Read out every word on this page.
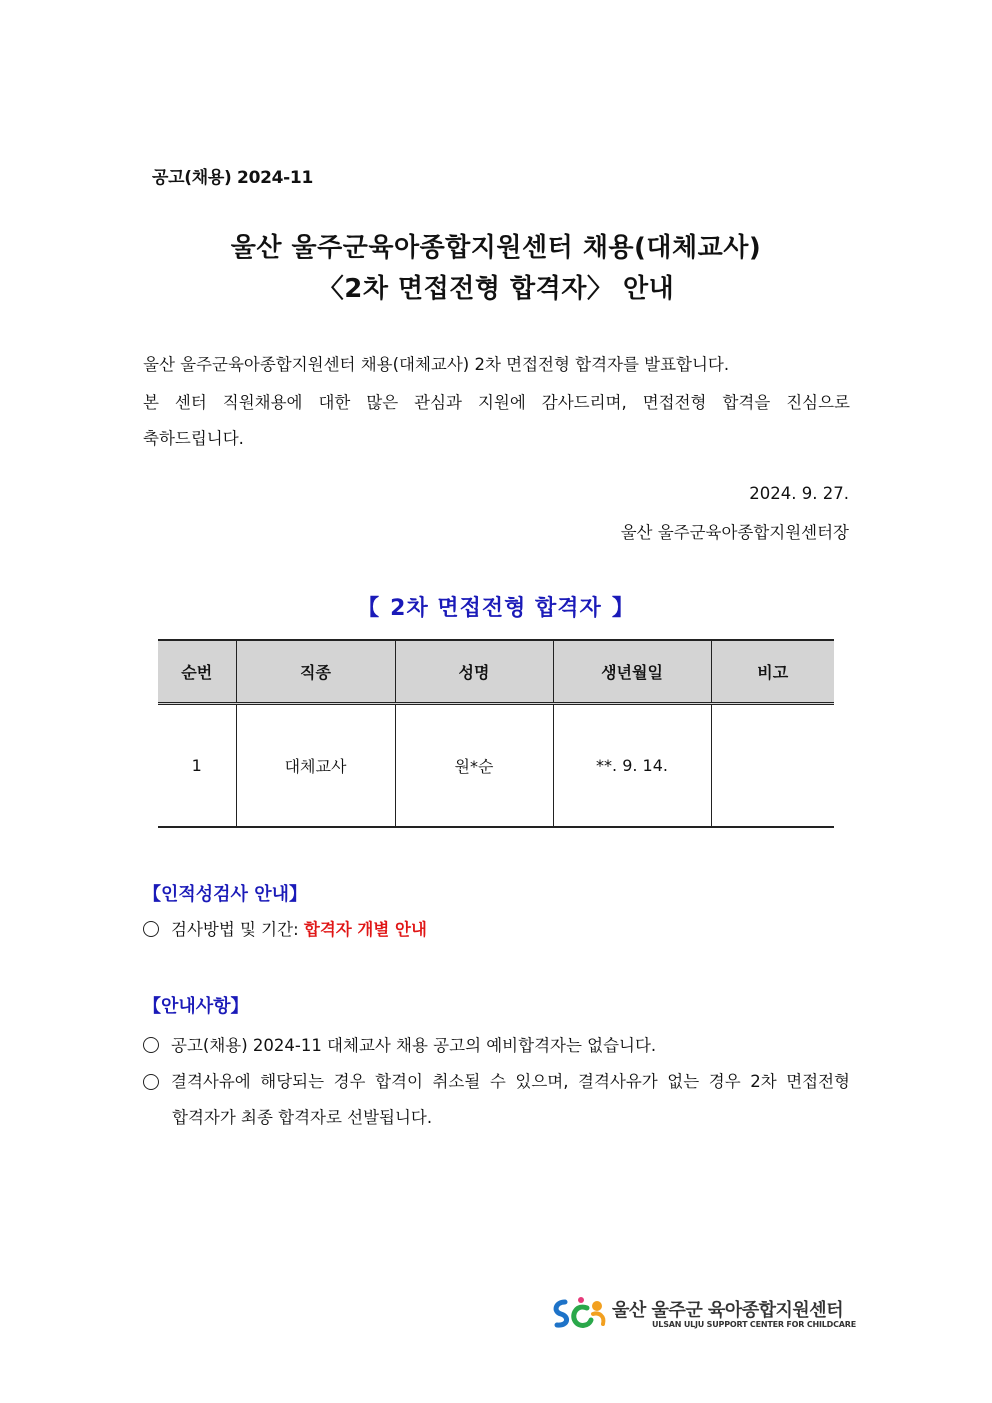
공고(채용) 2024-11
울산 울주군육아종합지원센터 채용(대체교사)
〈2차 면접전형 합격자〉 안내
울산 울주군육아종합지원센터 채용(대체교사) 2차 면접전형 합격자를 발표합니다.
본 센터 직원채용에 대한 많은 관심과 지원에 감사드리며, 면접전형 합격을 진심으로
축하드립니다.
2024. 9. 27.
울산 울주군육아종합지원센터장
【 2차 면접전형 합격자 】
순번	직종	성명	생년월일	비고
1	대체교사	원*순	**. 9. 14.	
【인적성검사 안내】
검사방법 및 기간: 합격자 개별 안내
【안내사항】
공고(채용) 2024-11 대체교사 채용 공고의 예비합격자는 없습니다.
결격사유에 해당되는 경우 합격이 취소될 수 있으며, 결격사유가 없는 경우 2차 면접전형
합격자가 최종 합격자로 선발됩니다.
울산 울주군 육아종합지원센터
ULSAN ULJU SUPPORT CENTER FOR CHILDCARE
